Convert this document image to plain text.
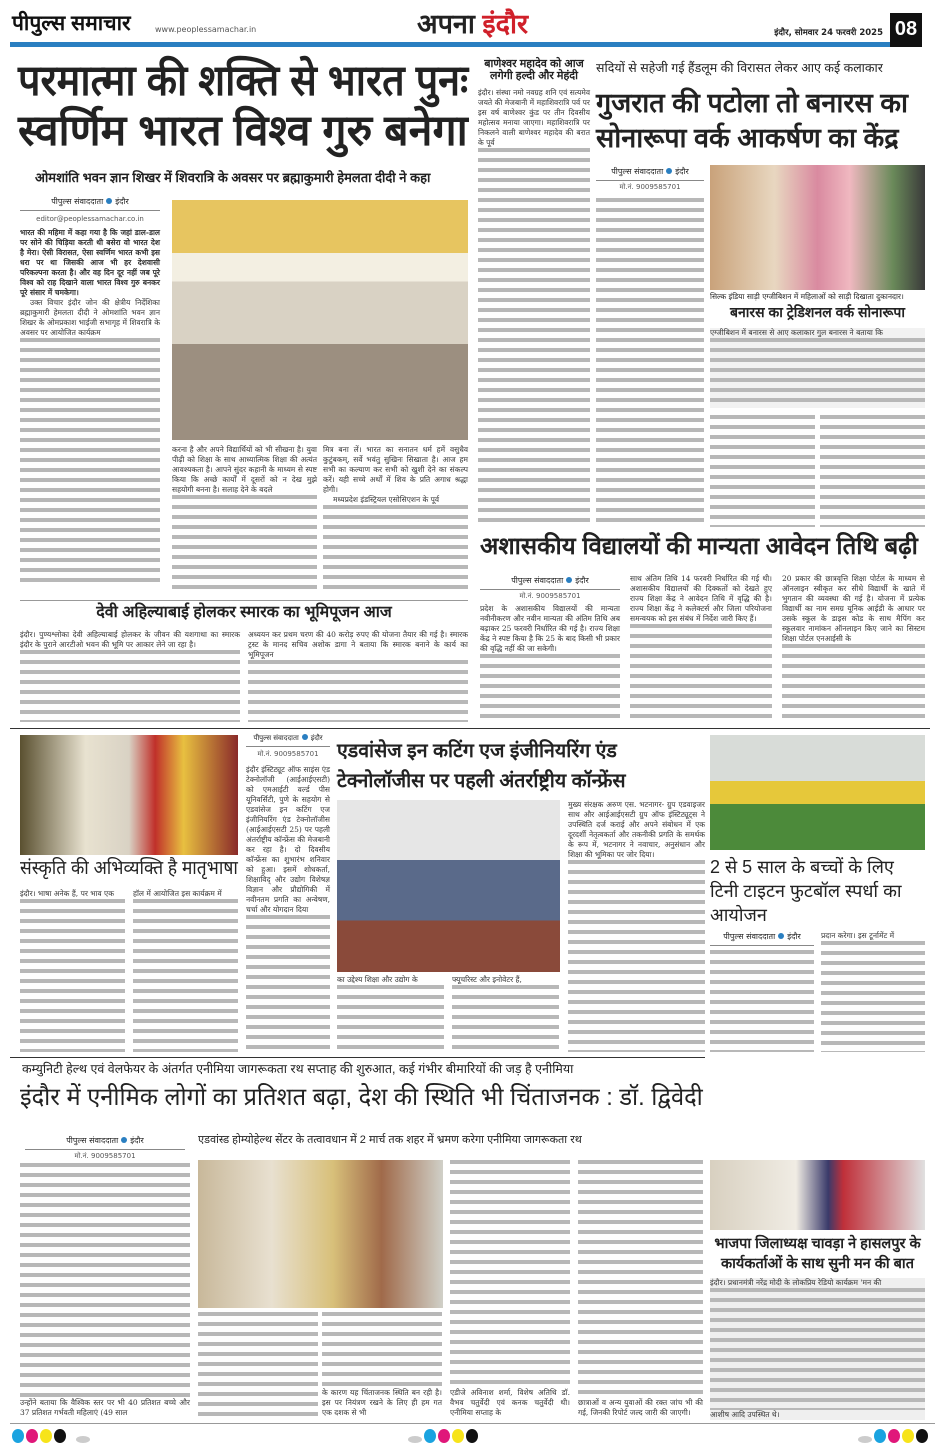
पीपुल्स समाचार	www.peoplessamachar.in	अपना इंदौर	इंदौर, सोमवार 24 फरवरी 2025 08
परमात्मा की शक्ति से भारत पुनः
स्वर्णिम भारत विश्व गुरु बनेगा
ओमशांति भवन ज्ञान शिखर में शिवरात्रि के अवसर पर ब्रह्माकुमारी हेमलता दीदी ने कहा
पीपुल्स संवाददाता इंदौर
editor@peoplessamachar.co.in

भारत की महिमा में कहा गया है कि जहां डाल-डाल पर सोने की चिड़िया करती थी बसेरा वो भारत देश है मेरा। ऐसी विरासत, ऐसा स्वर्णिम भारत कभी इस धरा पर था जिसकी आज भी हर देशवासी परिकल्पना करता है। और वह दिन दूर नहीं जब पूरे विश्व को राह दिखाने वाला भारत विश्व गुरु बनकर पूरे संसार में चमकेगा।

उक्त विचार इंदौर जोन की क्षेत्रीय निर्देशिका ब्रह्माकुमारी हेमलता दीदी ने ओमशांति भवन ज्ञान शिखर के ओमप्रकाश भाईजी सभागृह में शिवरात्रि के अवसर पर आयोजित कार्यक्रम

करना है और अपने विद्यार्थियों को भी सीखना है। युवा पीढ़ी को शिक्षा के साथ आध्यात्मिक शिक्षा की अत्यंत आवश्यकता है। आपने सुंदर कहानी के माध्यम से स्पष्ट किया कि अच्छे कार्यों में दूसरों को न देख मुझे सहयोगी बनना है। सलाह देने के बदले

मित्र बना लें। भारत का सनातन धर्म हमें वसुधैव कुटुंबकम्, सर्वे भवंतु सुखिनः सिखाता है। आज हम सभी का कल्याण कर सभी को खुशी देने का संकल्प करें। यही सच्चे अर्थों में शिव के प्रति अगाध श्रद्धा होगी।

मध्यप्रदेश इंडस्ट्रियल एसोसिएशन के पूर्व

बाणेश्वर महादेव को आज लगेगी हल्दी और मेहंदी

इंदौर। संस्था नमो नवग्रह शनि एवं सत्यमेव जयते की मेजबानी में महाशिवरात्रि पर्व पर इस वर्ष बाणेश्वर कुंड पर तीन दिवसीय महोत्सव मनाया जाएगा। महाशिवरात्रि पर निकलने वाली बाणेश्वर महादेव की बरात के पूर्व

सदियों से सहेजी गई हैंडलूम की विरासत लेकर आए कई कलाकार
गुजरात की पटोला तो बनारस का
सोनारूपा वर्क आकर्षण का केंद्र
पीपुल्स संवाददाता इंदौर
मो.नं. 9009585701
सिल्क इंडिया साड़ी एग्जीबिशन में महिलाओं को साड़ी दिखाता दुकानदार।
बनारस का ट्रेडिशनल वर्क सोनारूपा

एग्जीबिशन में बनारस से आए कलाकार गुल बनारस ने बताया कि

अशासकीय विद्यालयों की मान्यता आवेदन तिथि बढ़ी
पीपुल्स संवाददाता इंदौर
मो.नं. 9009585701

प्रदेश के अशासकीय विद्यालयों की मान्यता नवीनीकरण और नवीन मान्यता की अंतिम तिथि अब बढ़ाकर 25 फरवरी निर्धारित की गई है। राज्य शिक्षा केंद्र ने स्पष्ट किया है कि 25 के बाद किसी भी प्रकार की वृद्धि नहीं की जा सकेगी।

साथ अंतिम तिथि 14 फरवरी निर्धारित की गई थी। अशासकीय विद्यालयों की दिक्कतों को देखते हुए राज्य शिक्षा केंद्र ने आवेदन तिथि में वृद्धि की है। राज्य शिक्षा केंद्र ने कलेक्टर्स और जिला परियोजना समन्वयक को इस संबंध में निर्देश जारी किए हैं।

20 प्रकार की छात्रवृत्ति शिक्षा पोर्टल के माध्यम से ऑनलाइन स्वीकृत कर सीधे विद्यार्थी के खाते में भुगतान की व्यवस्था की गई है। योजना में प्रत्येक विद्यार्थी का नाम समग्र यूनिक आईडी के आधार पर उसके स्कूल के डाइस कोड के साथ मैपिंग कर स्कूलवार नामांकन ऑनलाइन किए जाने का सिस्टम शिक्षा पोर्टल एनआईसी के

देवी अहिल्याबाई होलकर स्मारक का भूमिपूजन आज

इंदौर। पुण्यश्लोका देवी अहिल्याबाई होलकर के जीवन की यशगाथा का स्मारक इंदौर के पुराने आरटीओ भवन की भूमि पर आकार लेने जा रहा है।

अध्ययन कर प्रथम चरण की 40 करोड़ रुपए की योजना तैयार की गई है। स्मारक ट्रस्ट के मानद सचिव अशोक डागा ने बताया कि स्मारक बनाने के कार्य का भूमिपूजन

संस्कृति की अभिव्यक्ति है मातृभाषा

इंदौर। भाषा अनेक हैं, पर भाव एक	हॉल में आयोजित इस कार्यक्रम में

पीपुल्स संवाददाता इंदौर
मो.नं. 9009585701 एडवांसेज इन कटिंग एज इंजीनियरिंग एंड
टेक्नोलॉजीस पर पहली अंतर्राष्ट्रीय कॉन्फ्रेंस

इंदौर इंस्टिट्यूट ऑफ साइंस एंड टेक्नोलॉजी (आईआईएसटी) को एमआईटी वर्ल्ड पीस यूनिवर्सिटी, पुणे के सहयोग से एडवांसेज इन कटिंग एज इंजीनियरिंग एंड टेक्नोलॉजीस (आईआईएसटी 25) पर पहली अंतर्राष्ट्रीय कॉन्फ्रेंस की मेजबानी कर रहा है। दो दिवसीय कॉन्फ्रेंस का शुभारंभ शनिवार को हुआ। इसमें शोधकर्ता, शिक्षाविद् और उद्योग विशेषज्ञ विज्ञान और प्रौद्योगिकी में नवीनतम प्रगति का अन्वेषण, चर्चा और योगदान दिया

का उद्देश्य शिक्षा और उद्योग के	फ्यूचरिस्ट और इनोवेटर हैं,

मुख्य संरक्षक अरुण एस. भटनागर- ग्रुप एडवाइजर साथ और आईआईएसटी ग्रुप ऑफ इंस्टिट्यूट्स ने उपस्थिति दर्ज कराई और अपने संबोधन में एक दूरदर्शी नेतृत्वकर्ता और तकनीकी प्रगति के समर्थक के रूप में, भटनागर ने नवाचार, अनुसंधान और शिक्षा की भूमिका पर जोर दिया।

2 से 5 साल के बच्चों के लिए टिनी टाइटन फुटबॉल स्पर्धा का आयोजन
पीपुल्स संवाददाता इंदौर	प्रदान करेगा। इस टूर्नामेंट में

कम्युनिटी हेल्थ एवं वेलफेयर के अंतर्गत एनीमिया जागरूकता रथ सप्ताह की शुरुआत, कई गंभीर बीमारियों की जड़ है एनीमिया
इंदौर में एनीमिक लोगों का प्रतिशत बढ़ा, देश की स्थिति भी चिंताजनक : डॉ. द्विवेदी
पीपुल्स संवाददाता इंदौर
मो.नं. 9009585701
एडवांस्ड होम्योहेल्थ सेंटर के तत्वावधान में 2 मार्च तक शहर में भ्रमण करेगा एनीमिया जागरूकता रथ

उन्होंने बताया कि वैश्विक स्तर पर भी 40 प्रतिशत बच्चे और 37 प्रतिशत गर्भवती महिलाएं (49 साल

के कारण यह चिंताजनक स्थिति बन रही है। इस पर नियंत्रण रखने के लिए ही हम गत एक दशक से भी

एडीजे अविनाश शर्मा, विशेष अतिथि डॉ. वैभव चतुर्वेदी एवं कनक चतुर्वेदी थी। एनीमिया सप्ताह के

छात्राओं व अन्य युवाओं की रक्त जांच भी की गई, जिनकी रिपोर्ट जल्द जारी की जाएगी।

भाजपा जिलाध्यक्ष चावड़ा ने हासलपुर के कार्यकर्ताओं के साथ सुनी मन की बात

इंदौर। प्रधानमंत्री नरेंद्र मोदी के लोकप्रिय रेडियो कार्यक्रम 'मन की

आशीष आदि उपस्थित थे।
